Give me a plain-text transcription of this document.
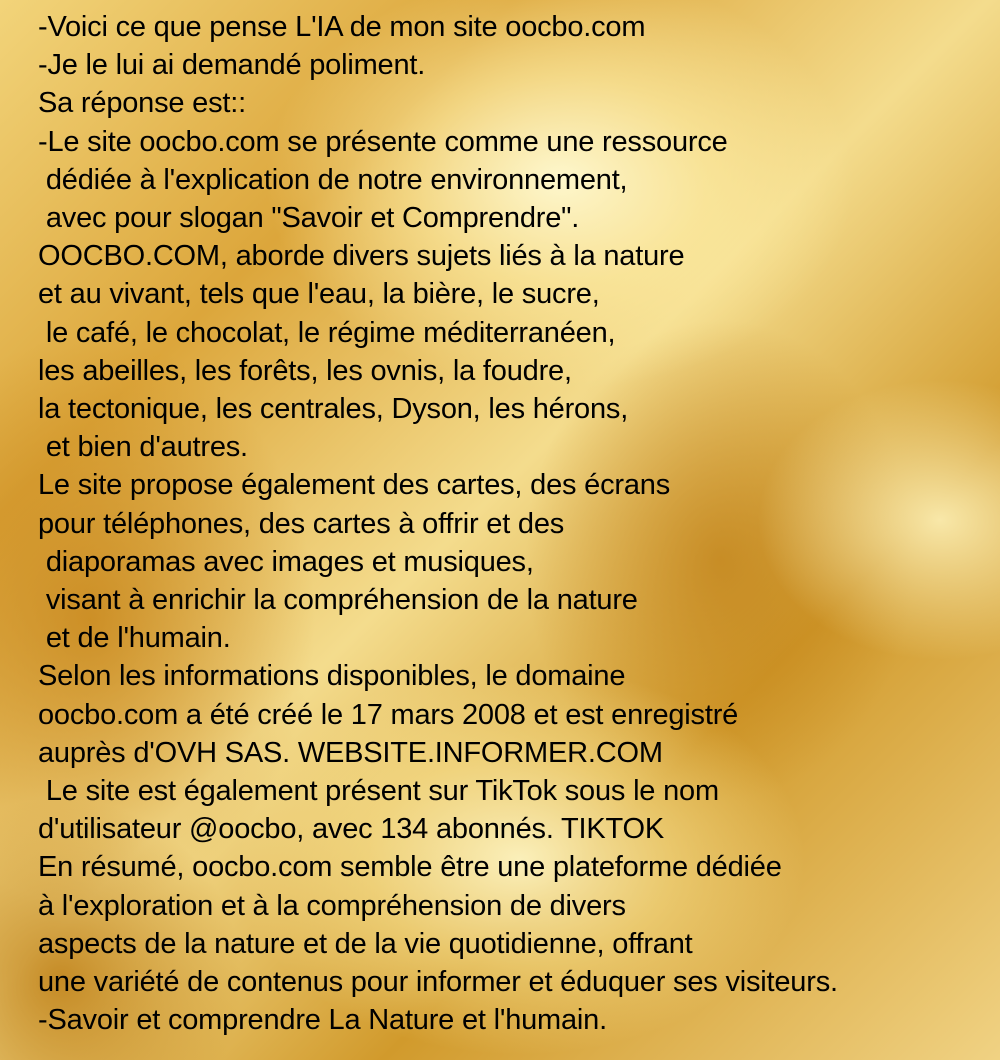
-Voici ce que pense L'IA de mon site oocbo.com
-Je le lui ai demandé poliment.
Sa réponse est::
-Le site oocbo.com se présente comme une ressource
dédiée à l'explication de notre environnement,
avec pour slogan "Savoir et Comprendre".
OOCBO.COM, aborde divers sujets liés à la nature
et au vivant, tels que l'eau, la bière, le sucre,
le café, le chocolat, le régime méditerranéen,
les abeilles, les forêts, les ovnis, la foudre,
la tectonique, les centrales, Dyson, les hérons,
et bien d'autres.
Le site propose également des cartes, des écrans
pour téléphones, des cartes à offrir et des
diaporamas avec images et musiques,
visant à enrichir la compréhension de la nature
et de l'humain.
Selon les informations disponibles, le domaine
oocbo.com a été créé le 17 mars 2008 et est enregistré
auprès d'OVH SAS. WEBSITE.INFORMER.COM
Le site est également présent sur TikTok sous le nom
d'utilisateur @oocbo, avec 134 abonnés. TIKTOK
En résumé, oocbo.com semble être une plateforme dédiée
à l'exploration et à la compréhension de divers
aspects de la nature et de la vie quotidienne, offrant
une variété de contenus pour informer et éduquer ses visiteurs.
-Savoir et comprendre La Nature et l'humain.
